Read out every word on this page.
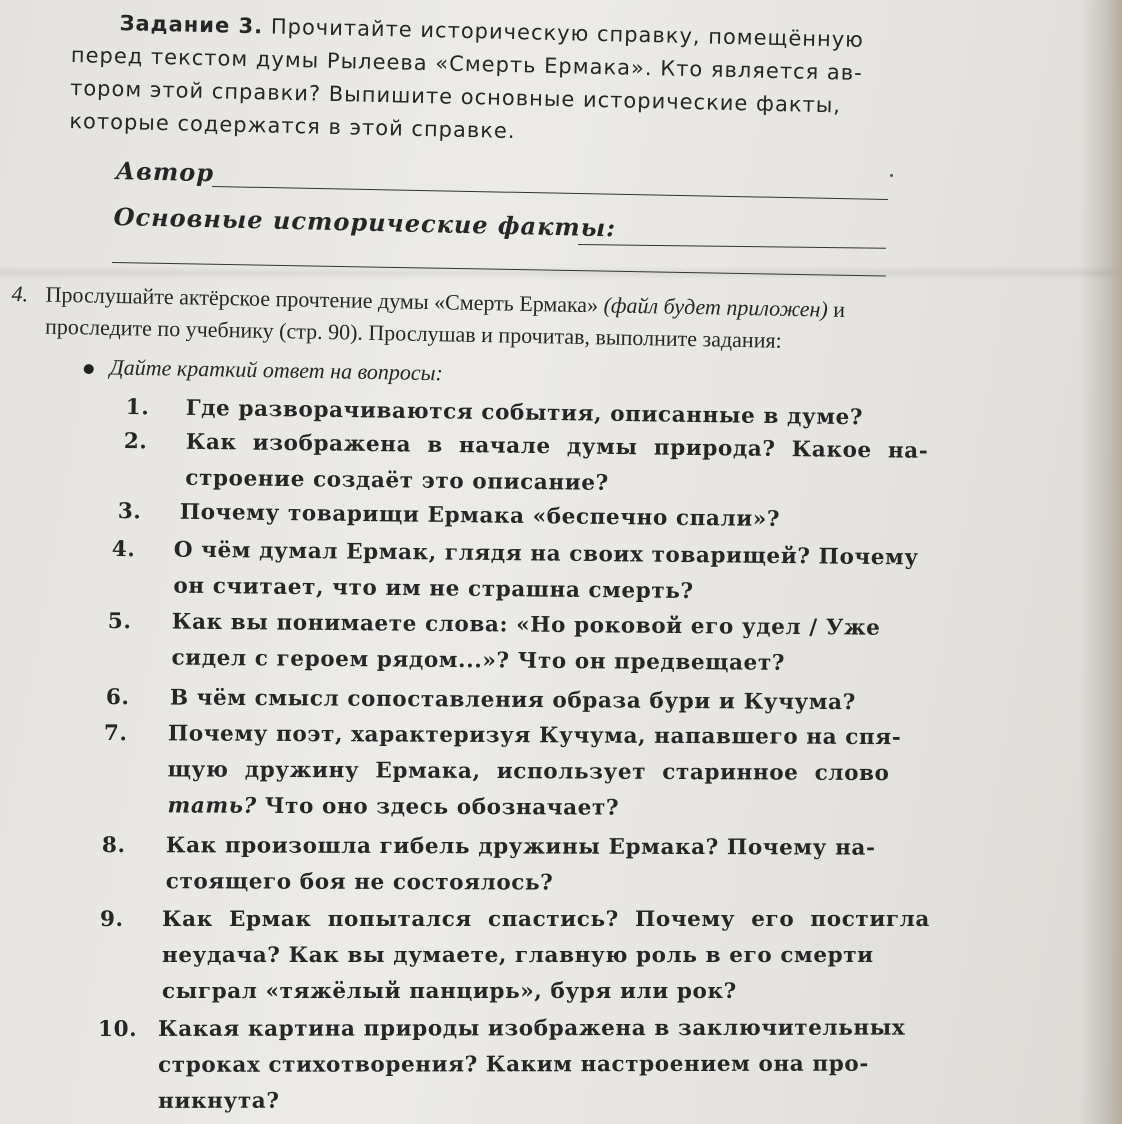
Задание 3. Прочитайте историческую справку, помещённую
перед текстом думы Рылеева «Смерть Ермака». Кто является ав-
тором этой справки? Выпишите основные исторические факты,
которые содержатся в этой справке.
Автор
Основные исторические факты:
4. Прослушайте актёрское прочтение думы «Смерть Ермака» (файл будет приложен) и
проследите по учебнику (стр. 90). Прослушав и прочитав, выполните задания:
Дайте краткий ответ на вопросы:
1. Где разворачиваются события, описанные в думе?
2. Как  изображена  в  начале  думы  природа?  Какое  на-
строение создаёт это описание?
3. Почему товарищи Ермака «беспечно спали»?
4. О чём думал Ермак, глядя на своих товарищей? Почему
он считает, что им не страшна смерть?
5. Как вы понимаете слова: «Но роковой его удел / Уже
сидел с героем рядом...»? Что он предвещает?
6. В чём смысл сопоставления образа бури и Кучума?
7. Почему поэт, характеризуя Кучума, напавшего на спя-
щую  дружину  Ермака,  использует  старинное  слово
тать? Что оно здесь обозначает?
8. Как произошла гибель дружины Ермака? Почему на-
стоящего боя не состоялось?
9. Как  Ермак  попытался  спастись?  Почему  его  постигла
неудача? Как вы думаете, главную роль в его смерти
сыграл «тяжёлый панцирь», буря или рок?
10. Какая картина природы изображена в заключительных
строках стихотворения? Каким настроением она про-
никнута?
